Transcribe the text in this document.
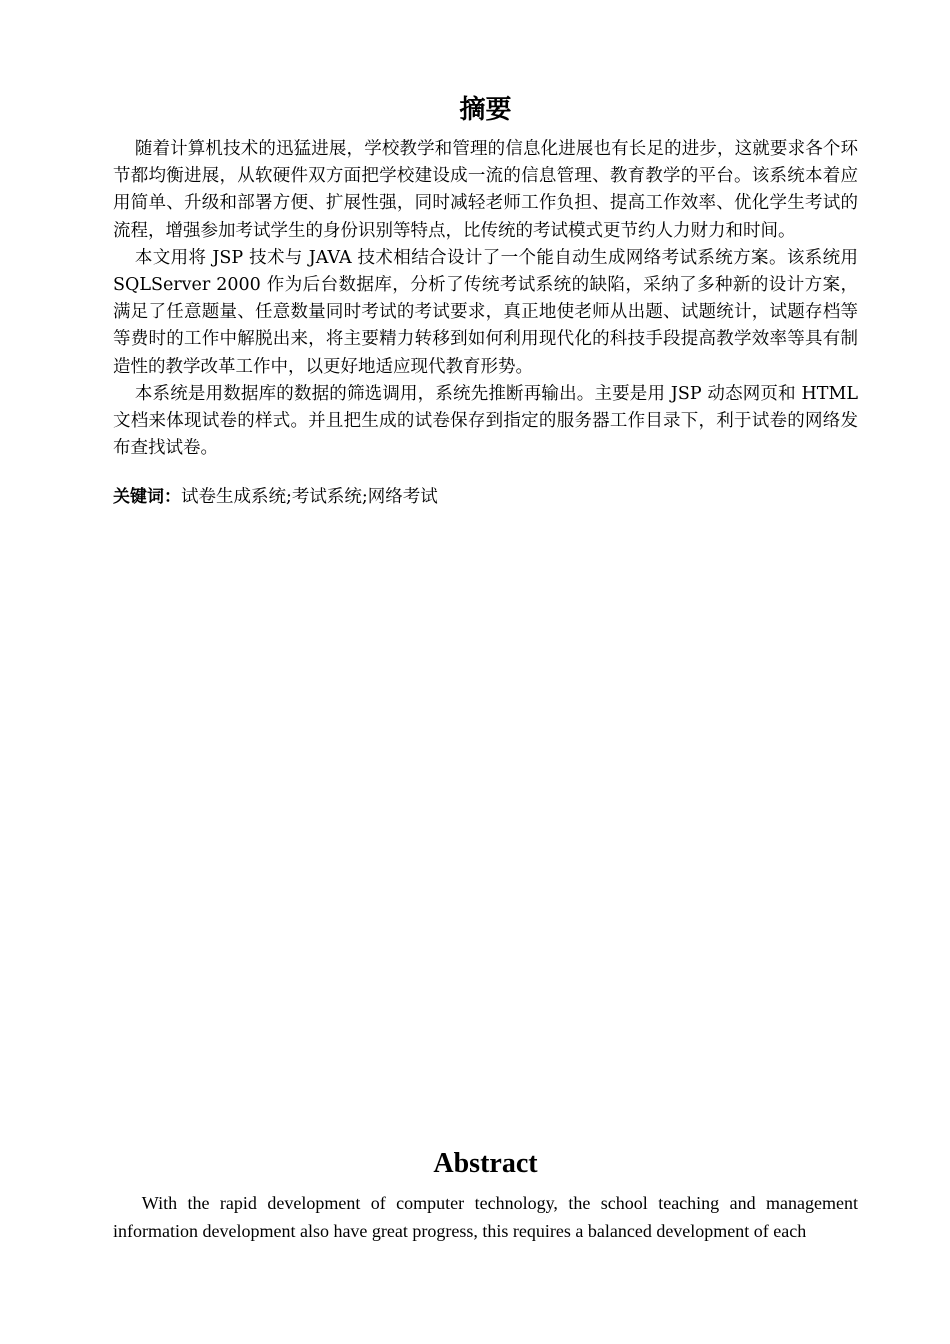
摘要

随着计算机技术的迅猛进展，学校教学和管理的信息化进展也有长足的进步，这就要求各个环节都均衡进展，从软硬件双方面把学校建设成一流的信息管理、教育教学的平台。该系统本着应用简单、升级和部署方便、扩展性强，同时减轻老师工作负担、提高工作效率、优化学生考试的流程，增强参加考试学生的身份识别等特点，比传统的考试模式更节约人力财力和时间。

本文用将 JSP 技术与 JAVA 技术相结合设计了一个能自动生成网络考试系统方案。该系统用 SQLServer 2000 作为后台数据库，分析了传统考试系统的缺陷，采纳了多种新的设计方案，满足了任意题量、任意数量同时考试的考试要求，真正地使老师从出题、试题统计，试题存档等等费时的工作中解脱出来，将主要精力转移到如何利用现代化的科技手段提高教学效率等具有制造性的教学改革工作中，以更好地适应现代教育形势。

本系统是用数据库的数据的筛选调用，系统先推断再输出。主要是用 JSP 动态网页和 HTML 文档来体现试卷的样式。并且把生成的试卷保存到指定的服务器工作目录下，利于试卷的网络发布查找试卷。

关键词：试卷生成系统;考试系统;网络考试
Abstract

With the rapid development of computer technology, the school teaching and management information development also have great progress, this requires a balanced development of each
